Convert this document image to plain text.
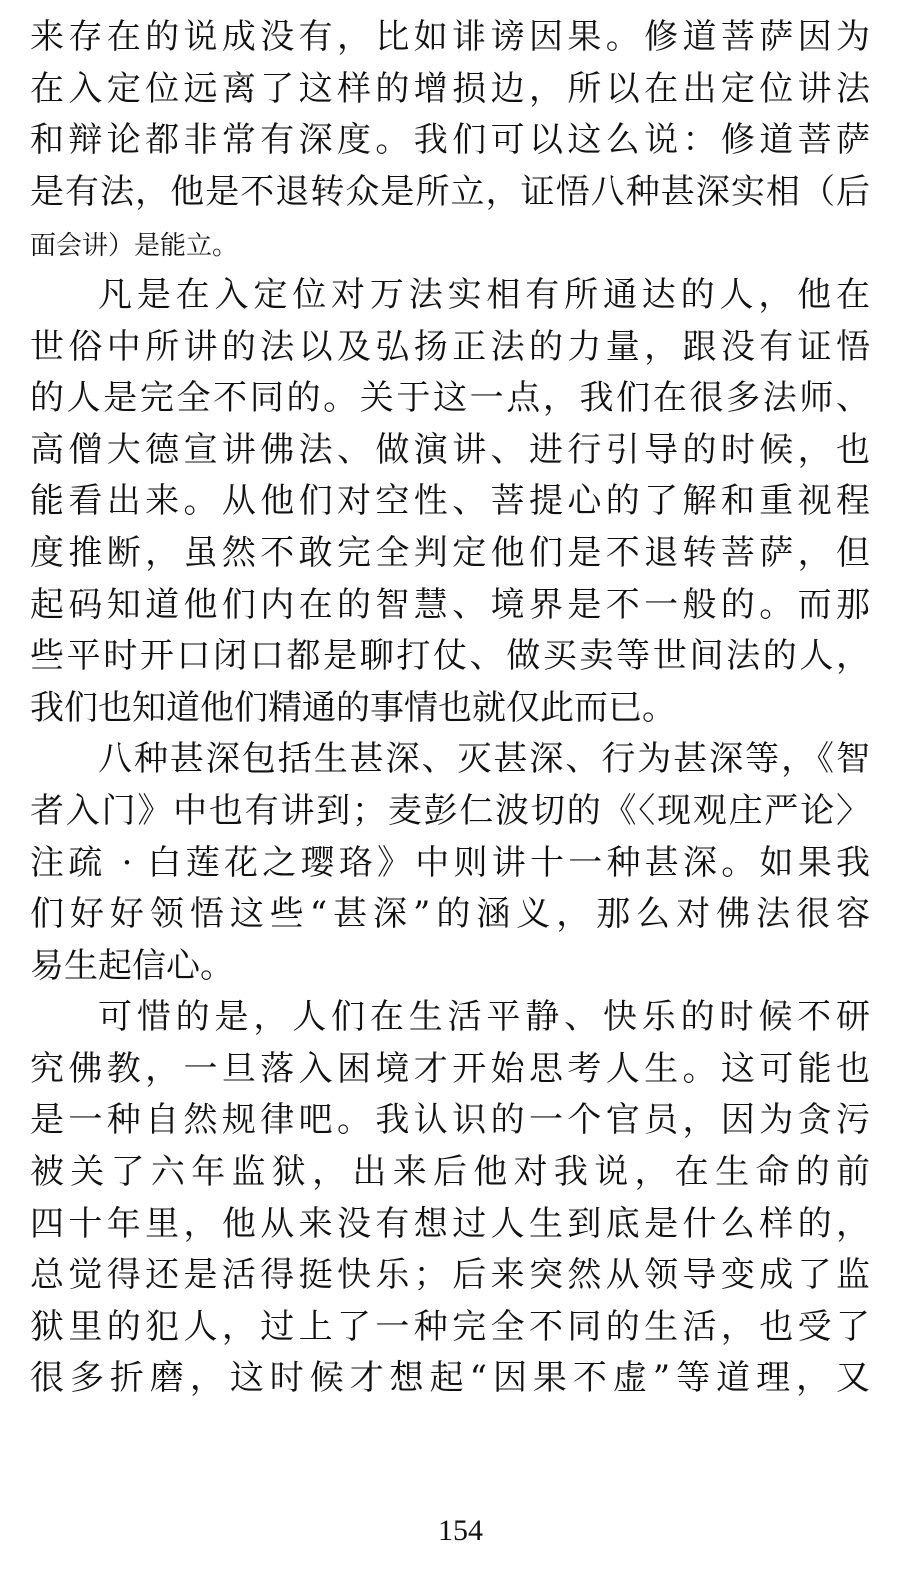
来存在的说成没有，比如诽谤因果。修道菩萨因为
在入定位远离了这样的增损边，所以在出定位讲法
和辩论都非常有深度。我们可以这么说：修道菩萨
是有法，他是不退转众是所立，证悟八种甚深实相（后
面会讲）是能立。
凡是在入定位对万法实相有所通达的人，他在
世俗中所讲的法以及弘扬正法的力量，跟没有证悟
的人是完全不同的。关于这一点，我们在很多法师、
高僧大德宣讲佛法、做演讲、进行引导的时候，也
能看出来。从他们对空性、菩提心的了解和重视程
度推断，虽然不敢完全判定他们是不退转菩萨，但
起码知道他们内在的智慧、境界是不一般的。而那
些平时开口闭口都是聊打仗、做买卖等世间法的人，
我们也知道他们精通的事情也就仅此而已。
八种甚深包括生甚深、灭甚深、行为甚深等，《智
者入门》中也有讲到；麦彭仁波切的《〈现观庄严论〉
注疏 · 白莲花之璎珞》中则讲十一种甚深。如果我
们好好领悟这些“甚深”的涵义，那么对佛法很容
易生起信心。
可惜的是，人们在生活平静、快乐的时候不研
究佛教，一旦落入困境才开始思考人生。这可能也
是一种自然规律吧。我认识的一个官员，因为贪污
被关了六年监狱，出来后他对我说，在生命的前
四十年里，他从来没有想过人生到底是什么样的，
总觉得还是活得挺快乐；后来突然从领导变成了监
狱里的犯人，过上了一种完全不同的生活，也受了
很多折磨，这时候才想起“因果不虚”等道理，又
154
